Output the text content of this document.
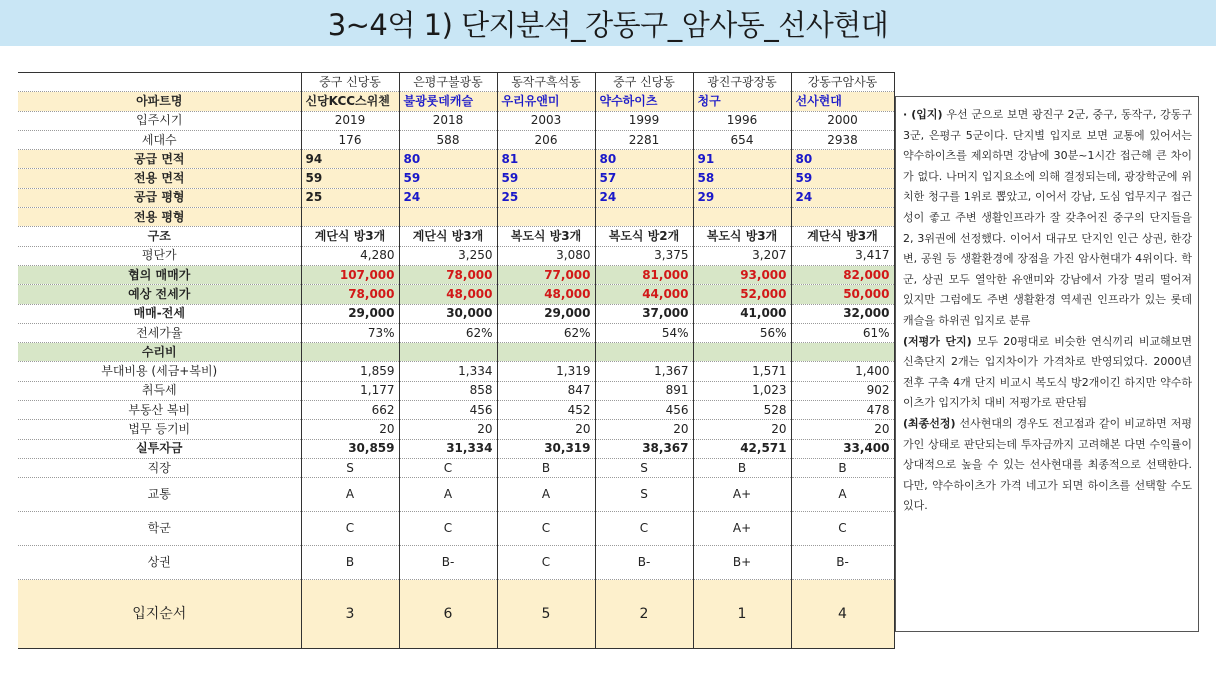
3~4억 1) 단지분석_강동구_암사동_선사현대
	중구 신당동	은평구불광동	동작구흑석동	중구 신당동	광진구광장동	강동구암사동
아파트명	신당KCC스위첸	불광롯데캐슬	우리유앤미	약수하이츠	청구	선사현대
입주시기	2019	2018	2003	1999	1996	2000
세대수	176	588	206	2281	654	2938
공급 면적	94	80	81	80	91	80
전용 면적	59	59	59	57	58	59
공급 평형	25	24	25	24	29	24
전용 평형						
구조	계단식 방3개	계단식 방3개	복도식 방3개	복도식 방2개	복도식 방3개	계단식 방3개
평단가	4,280	3,250	3,080	3,375	3,207	3,417
협의 매매가	107,000	78,000	77,000	81,000	93,000	82,000
예상 전세가	78,000	48,000	48,000	44,000	52,000	50,000
매매-전세	29,000	30,000	29,000	37,000	41,000	32,000
전세가율	73%	62%	62%	54%	56%	61%
수리비						
부대비용 (세금+복비)	1,859	1,334	1,319	1,367	1,571	1,400
취득세	1,177	858	847	891	1,023	902
부동산 복비	662	456	452	456	528	478
법무 등기비	20	20	20	20	20	20
실투자금	30,859	31,334	30,319	38,367	42,571	33,400
직장	S	C	B	S	B	B
교통	A	A	A	S	A+	A
학군	C	C	C	C	A+	C
상권	B	B-	C	B-	B+	B-
입지순서	3	6	5	2	1	4

· (입지) 우선 군으로 보면 광진구 2군, 중구, 동작구, 강동구 3군, 은평구 5군이다. 단지별 입지로 보면 교통에 있어서는 약수하이츠를 제외하면 강남에 30분~1시간 접근해 큰 차이가 없다. 나머지 입지요소에 의해 결정되는데, 광장학군에 위치한 청구를 1위로 뽑았고, 이어서 강남, 도심 업무지구 접근성이 좋고 주변 생활인프라가 잘 갖추어진 중구의 단지들을 2, 3위권에 선정했다. 이어서 대규모 단지인 인근 상권, 한강변, 공원 등 생활환경에 장점을 가진 암사현대가 4위이다. 학군, 상권 모두 열악한 유앤미와 강남에서 가장 멀리 떨어져 있지만 그럼에도 주변 생활환경 역세권 인프라가 있는 롯데캐슬을 하위권 입지로 분류

(저평가 단지) 모두 20평대로 비슷한 연식끼리 비교해보면 신축단지 2개는 입지차이가 가격차로 반영되었다. 2000년 전후 구축 4개 단지 비교시 복도식 방2개이긴 하지만 약수하이츠가 입지가치 대비 저평가로 판단됨

(최종선정) 선사현대의 경우도 전고점과 같이 비교하면 저평가인 상태로 판단되는데 투자금까지 고려해본 다면 수익률이 상대적으로 높을 수 있는 선사현대를 최종적으로 선택한다. 다만, 약수하이츠가 가격 네고가 되면 하이츠를 선택할 수도 있다.
